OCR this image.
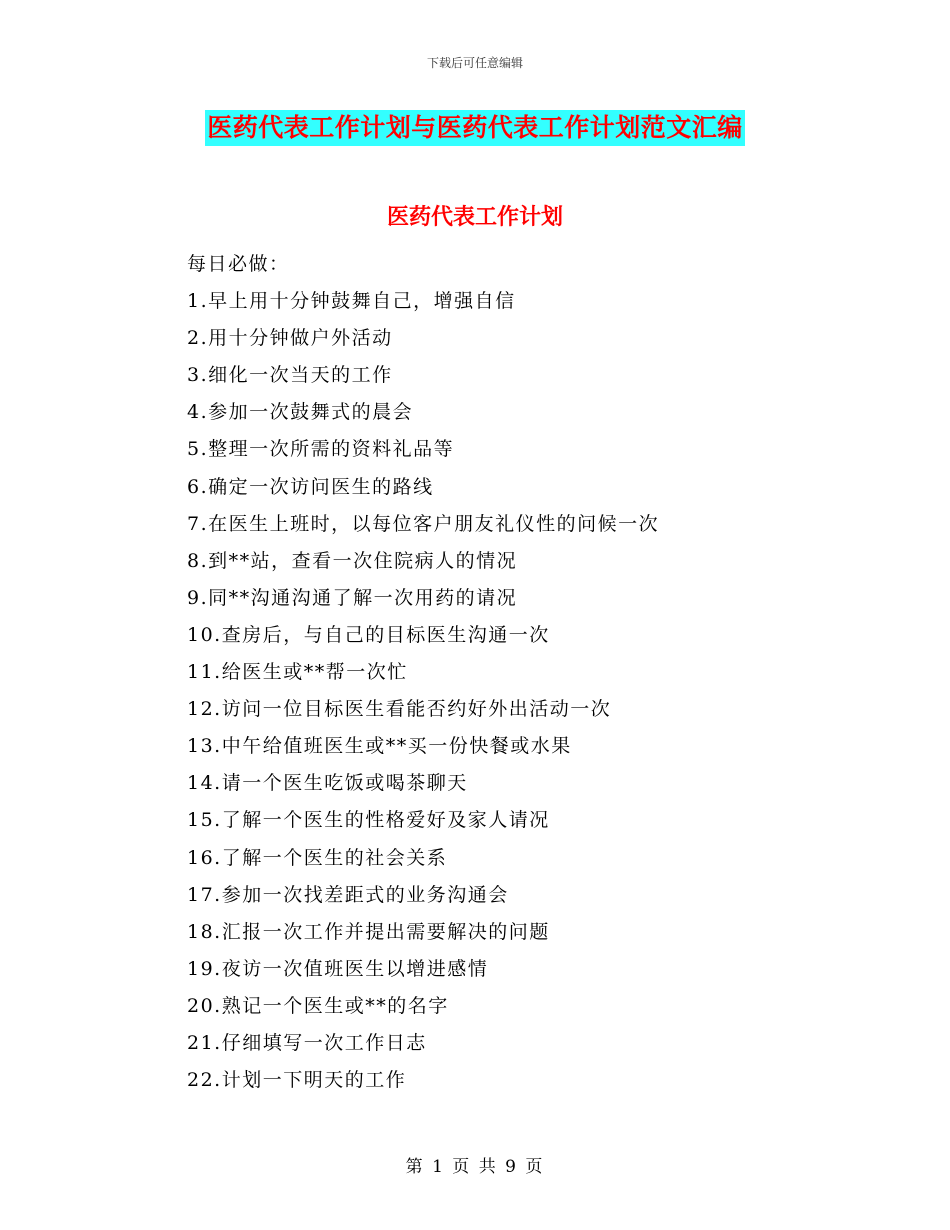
下载后可任意编辑
医药代表工作计划与医药代表工作计划范文汇编
医药代表工作计划
每日必做：
1.早上用十分钟鼓舞自己，增强自信
2.用十分钟做户外活动
3.细化一次当天的工作
4.参加一次鼓舞式的晨会
5.整理一次所需的资料礼品等
6.确定一次访问医生的路线
7.在医生上班时，以每位客户朋友礼仪性的问候一次
8.到**站，查看一次住院病人的情况
9.同**沟通沟通了解一次用药的请况
10.查房后，与自己的目标医生沟通一次
11.给医生或**帮一次忙
12.访问一位目标医生看能否约好外出活动一次
13.中午给值班医生或**买一份快餐或水果
14.请一个医生吃饭或喝茶聊天
15.了解一个医生的性格爱好及家人请况
16.了解一个医生的社会关系
17.参加一次找差距式的业务沟通会
18.汇报一次工作并提出需要解决的问题
19.夜访一次值班医生以增进感情
20.熟记一个医生或**的名字
21.仔细填写一次工作日志
22.计划一下明天的工作
第 1 页 共 9 页
